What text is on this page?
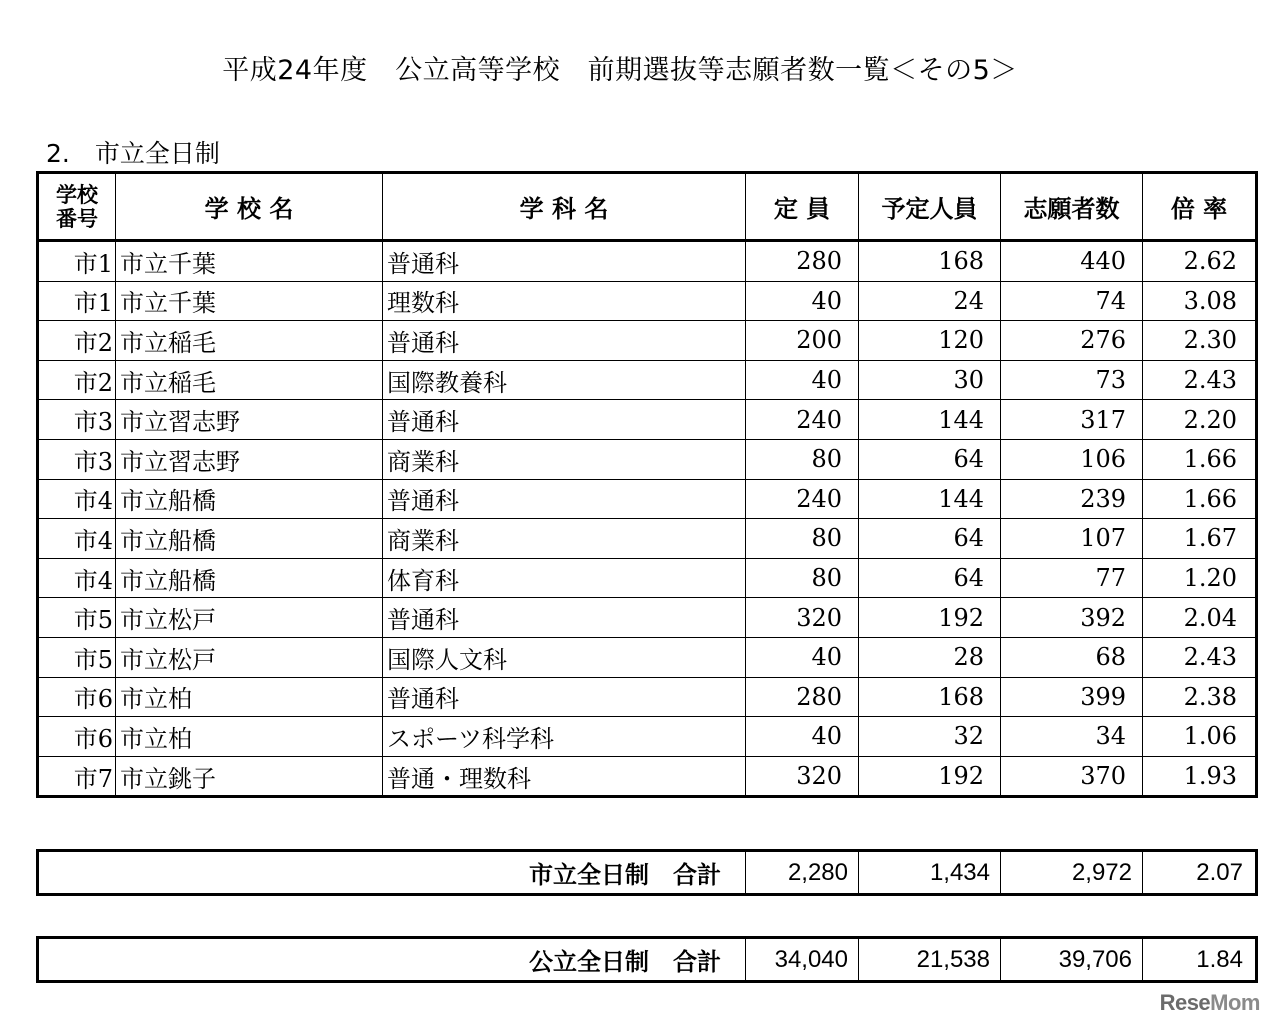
平成24年度　公立高等学校　前期選抜等志願者数一覧＜その5＞
2.　市立全日制
学校
番号	学 校 名	学 科 名	定 員	予定人員	志願者数	倍 率
市1	市立千葉	普通科	280	168	440	2.62
市1	市立千葉	理数科	40	24	74	3.08
市2	市立稲毛	普通科	200	120	276	2.30
市2	市立稲毛	国際教養科	40	30	73	2.43
市3	市立習志野	普通科	240	144	317	2.20
市3	市立習志野	商業科	80	64	106	1.66
市4	市立船橋	普通科	240	144	239	1.66
市4	市立船橋	商業科	80	64	107	1.67
市4	市立船橋	体育科	80	64	77	1.20
市5	市立松戸	普通科	320	192	392	2.04
市5	市立松戸	国際人文科	40	28	68	2.43
市6	市立柏	普通科	280	168	399	2.38
市6	市立柏	スポーツ科学科	40	32	34	1.06
市7	市立銚子	普通・理数科	320	192	370	1.93
市立全日制　合計	2,280	1,434	2,972	2.07
公立全日制　合計	34,040	21,538	39,706	1.84
ReseMom
